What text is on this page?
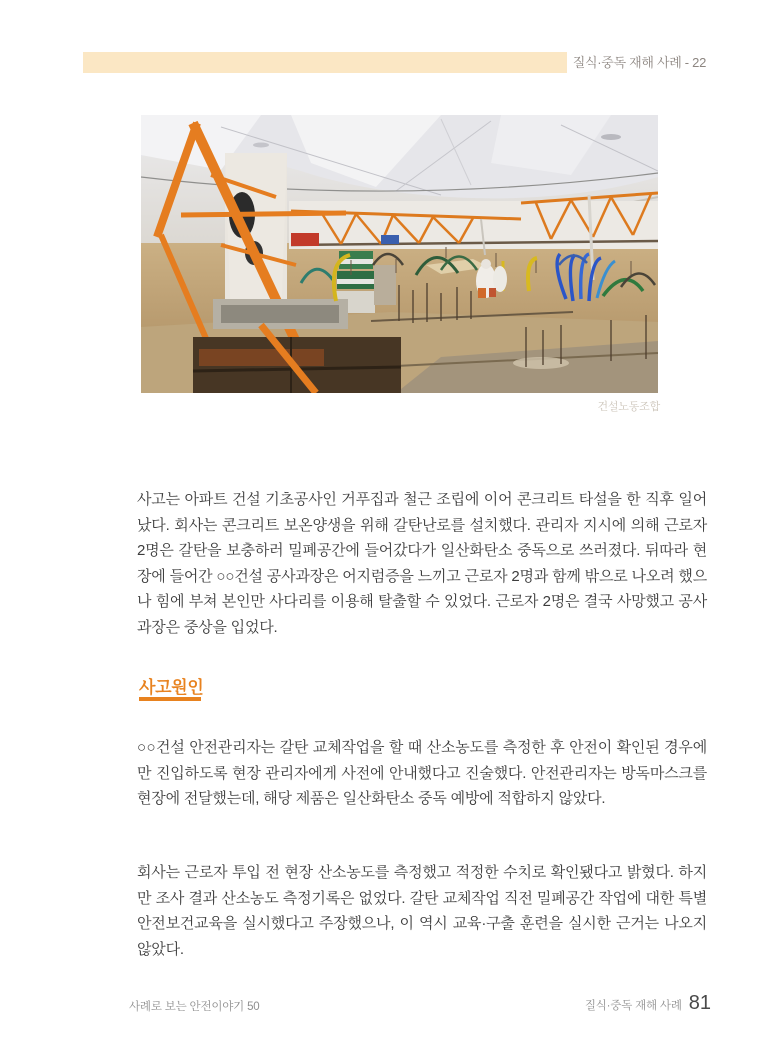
질식·중독 재해 사례 - 22
건설노동조합

사고는 아파트 건설 기초공사인 거푸집과 철근 조립에 이어 콘크리트 타설을 한 직후 일어났다. 회사는 콘크리트 보온양생을 위해 갈탄난로를 설치했다. 관리자 지시에 의해 근로자 2명은 갈탄을 보충하러 밀폐공간에 들어갔다가 일산화탄소 중독으로 쓰러졌다. 뒤따라 현장에 들어간 ○○건설 공사과장은 어지럼증을 느끼고 근로자 2명과 함께 밖으로 나오려 했으나 힘에 부쳐 본인만 사다리를 이용해 탈출할 수 있었다. 근로자 2명은 결국 사망했고 공사과장은 중상을 입었다.

사고원인

○○건설 안전관리자는 갈탄 교체작업을 할 때 산소농도를 측정한 후 안전이 확인된 경우에만 진입하도록 현장 관리자에게 사전에 안내했다고 진술했다. 안전관리자는 방독마스크를 현장에 전달했는데, 해당 제품은 일산화탄소 중독 예방에 적합하지 않았다.

회사는 근로자 투입 전 현장 산소농도를 측정했고 적정한 수치로 확인됐다고 밝혔다. 하지만 조사 결과 산소농도 측정기록은 없었다. 갈탄 교체작업 직전 밀폐공간 작업에 대한 특별안전보건교육을 실시했다고 주장했으나, 이 역시 교육·구출 훈련을 실시한 근거는 나오지 않았다.

사례로 보는 안전이야기 50	질식·중독 재해 사례 81
